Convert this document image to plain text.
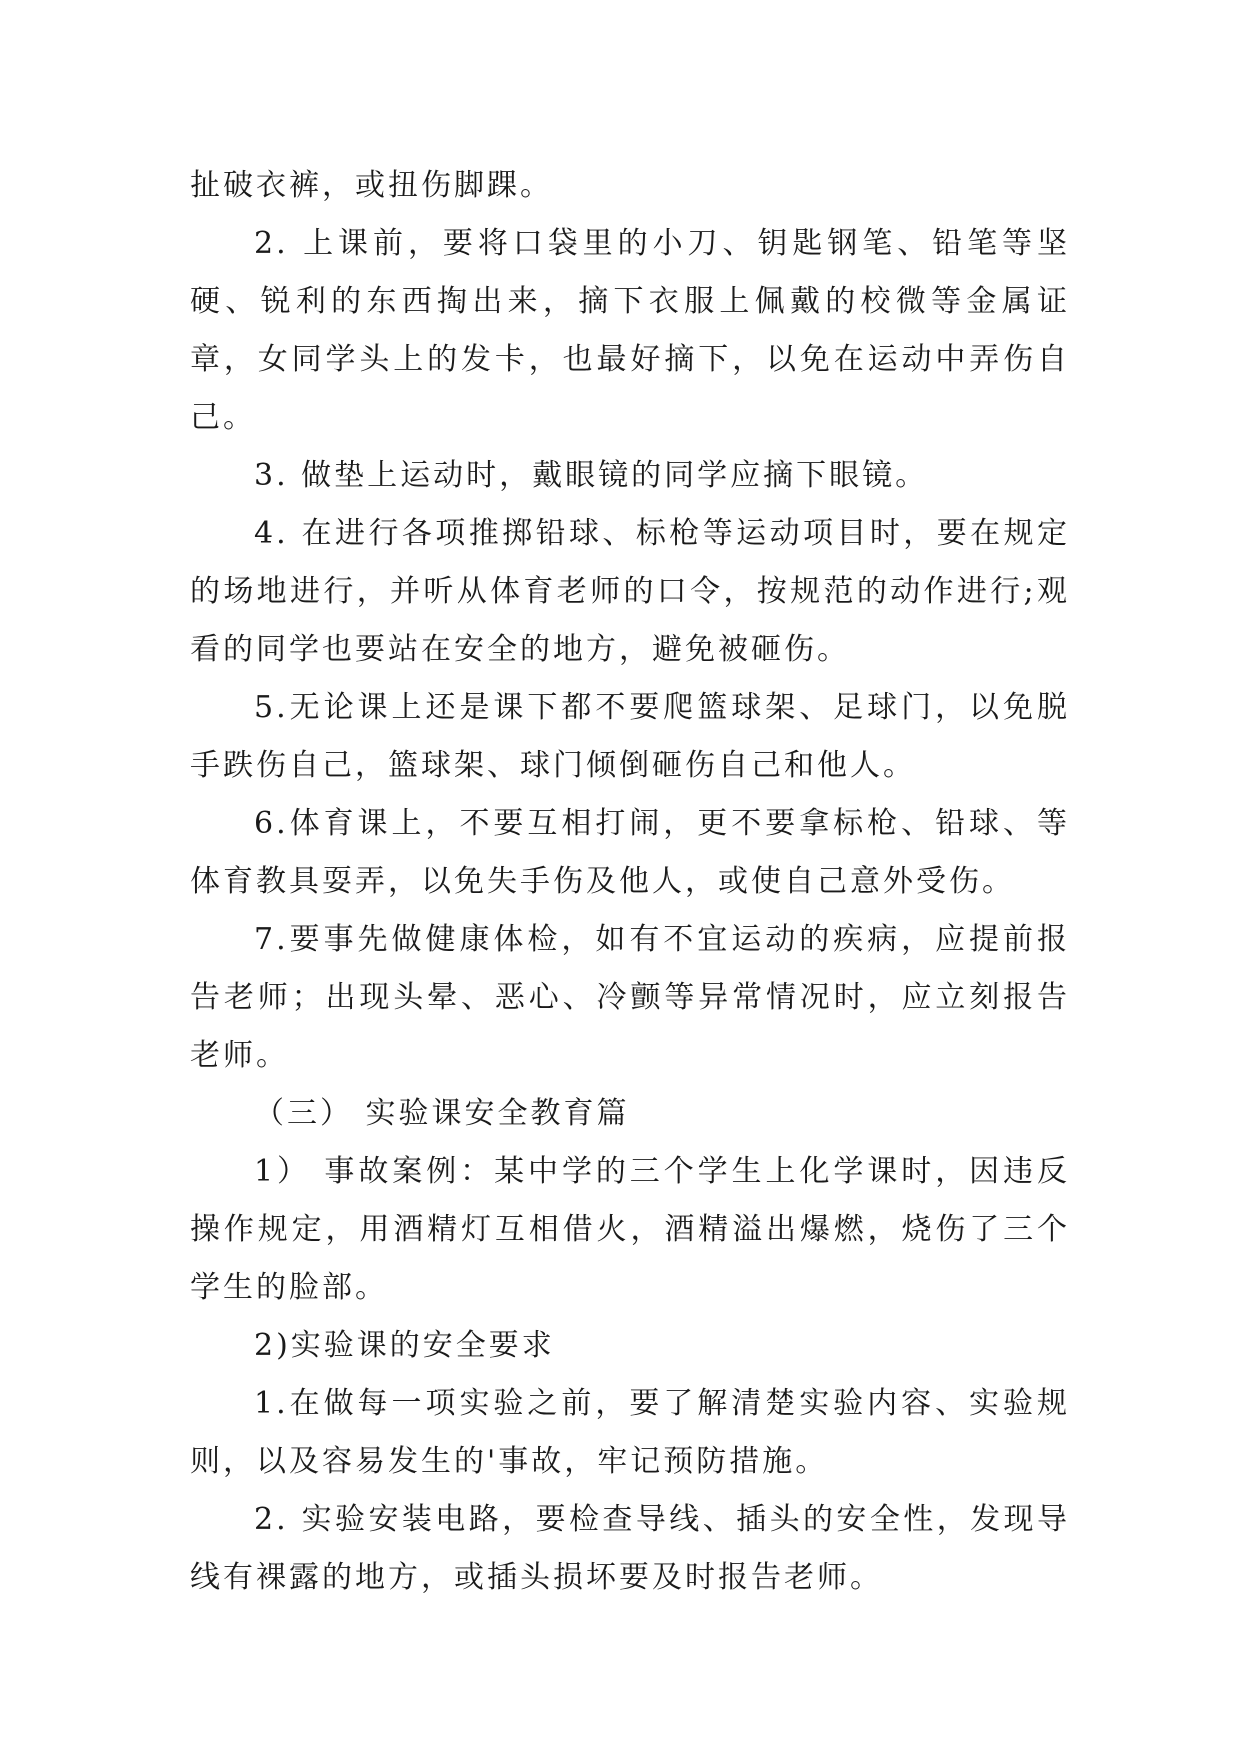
扯破衣裤，或扭伤脚踝。

2. 上课前，要将口袋里的小刀、钥匙钢笔、铅笔等坚硬、锐利的东西掏出来，摘下衣服上佩戴的校微等金属证章，女同学头上的发卡，也最好摘下，以免在运动中弄伤自己。

3. 做垫上运动时，戴眼镜的同学应摘下眼镜。

4. 在进行各项推掷铅球、标枪等运动项目时，要在规定的场地进行，并听从体育老师的口令，按规范的动作进行;观看的同学也要站在安全的地方，避免被砸伤。

5.无论课上还是课下都不要爬篮球架、足球门，以免脱手跌伤自己，篮球架、球门倾倒砸伤自己和他人。

6.体育课上，不要互相打闹，更不要拿标枪、铅球、等体育教具耍弄，以免失手伤及他人，或使自己意外受伤。

7.要事先做健康体检，如有不宜运动的疾病，应提前报告老师；出现头晕、恶心、冷颤等异常情况时，应立刻报告老师。

（三） 实验课安全教育篇

1） 事故案例：某中学的三个学生上化学课时，因违反操作规定，用酒精灯互相借火，酒精溢出爆燃，烧伤了三个学生的脸部。

2)实验课的安全要求

1.在做每一项实验之前，要了解清楚实验内容、实验规则，以及容易发生的'事故，牢记预防措施。

2. 实验安装电路，要检查导线、插头的安全性，发现导线有裸露的地方，或插头损坏要及时报告老师。
